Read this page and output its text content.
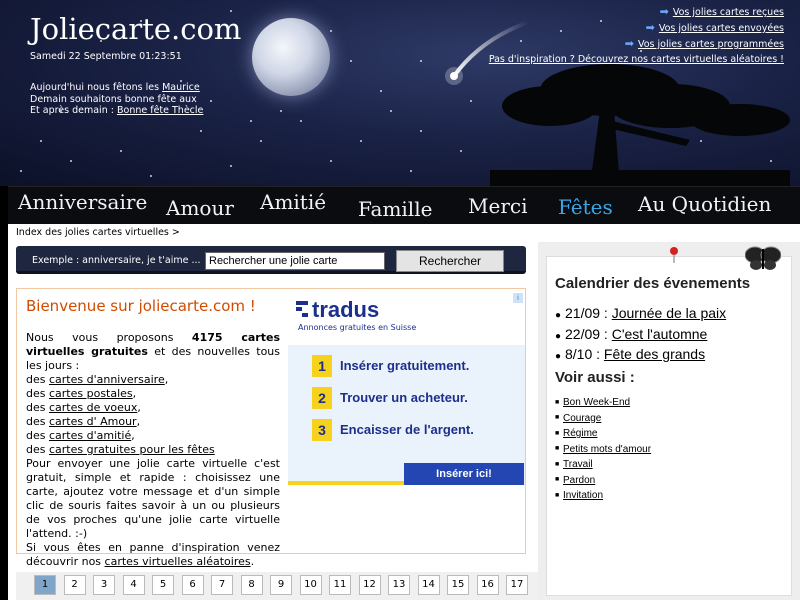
Joliecarte.com
Samedi 22 Septembre 01:23:51
Aujourd'hui nous fêtons les Maurice
Demain souhaitons bonne fête aux
Et après demain : Bonne fête Thècle
➡ Vos jolies cartes reçues
➡ Vos jolies cartes envoyées
➡ Vos jolies cartes programmées
Pas d'inspiration ? Découvrez nos cartes virtuelles aléatoires !
Anniversaire Amour Amitié Famille Merci Fêtes Au Quotidien
Index des jolies cartes virtuelles >
Exemple : anniversaire, je t'aime ...
Rechercher une jolie carte	Rechercher
Bienvenue sur joliecarte.com !
Nous vous proposons 4175 cartes virtuelles gratuites et des nouvelles tous les jours :
des cartes d'anniversaire,
des cartes postales,
des cartes de voeux,
des cartes d' Amour,
des cartes d'amitié,
des cartes gratuites pour les fêtes
Pour envoyer une jolie carte virtuelle c'est gratuit, simple et rapide : choisissez une carte, ajoutez votre message et d'un simple clic de souris faites savoir à un ou plusieurs de vos proches qu'une jolie carte virtuelle l'attend. :-)
Si vous êtes en panne d'inspiration venez découvrir nos cartes virtuelles aléatoires.
tradus
Annonces gratuites en Suisse
i
1	Insérer gratuitement.
2	Trouver un acheteur.
3	Encaisser de l'argent.
Insérer ici!
1	2	3	4	5	6	7	8	9	10	11	12	13	14	15	16	17
Calendrier des évenements
● 21/09 : Journée de la paix
● 22/09 : C'est l'automne
● 8/10 : Fête des grands
Voir aussi :
■ Bon Week-End
■ Courage
■ Régime
■ Petits mots d'amour
■ Travail
■ Pardon
■ Invitation
